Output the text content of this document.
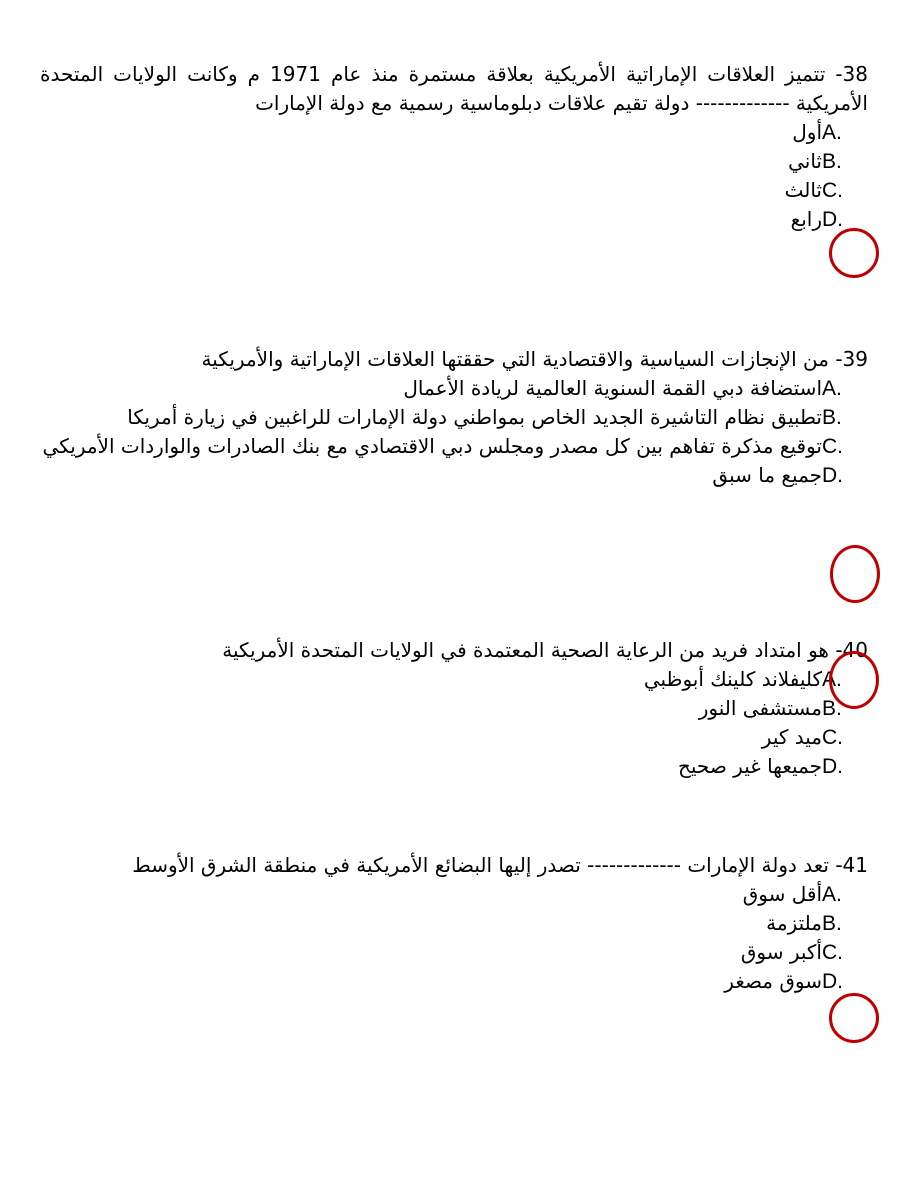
38- تتميز العلاقات الإماراتية الأمريكية بعلاقة مستمرة منذ عام 1971 م وكانت الولايات المتحدة الأمريكية ------------- دولة تقيم علاقات دبلوماسية رسمية مع دولة الإمارات
A.
أول
B.
ثاني
C.
ثالث
D.
رابع
39- من الإنجازات السياسية والاقتصادية التي حققتها العلاقات الإماراتية والأمريكية
A.
استضافة دبي القمة السنوية العالمية لريادة الأعمال
B.
تطبيق نظام التاشيرة الجديد الخاص بمواطني دولة الإمارات للراغبين في زيارة أمريكا
C.
توقيع مذكرة تفاهم بين كل مصدر ومجلس دبي الاقتصادي مع بنك الصادرات والواردات الأمريكي
D.
جميع ما سبق
40- هو امتداد فريد من الرعاية الصحية المعتمدة في الولايات المتحدة الأمريكية
A.
كليفلاند كلينك أبوظبي
B.
مستشفى النور
C.
ميد كير
D.
جميعها غير صحيح
41- تعد دولة الإمارات ------------- تصدر إليها البضائع الأمريكية في منطقة الشرق الأوسط
A.
أقل سوق
B.
ملتزمة
C.
أكبر سوق
D.
سوق مصغر
